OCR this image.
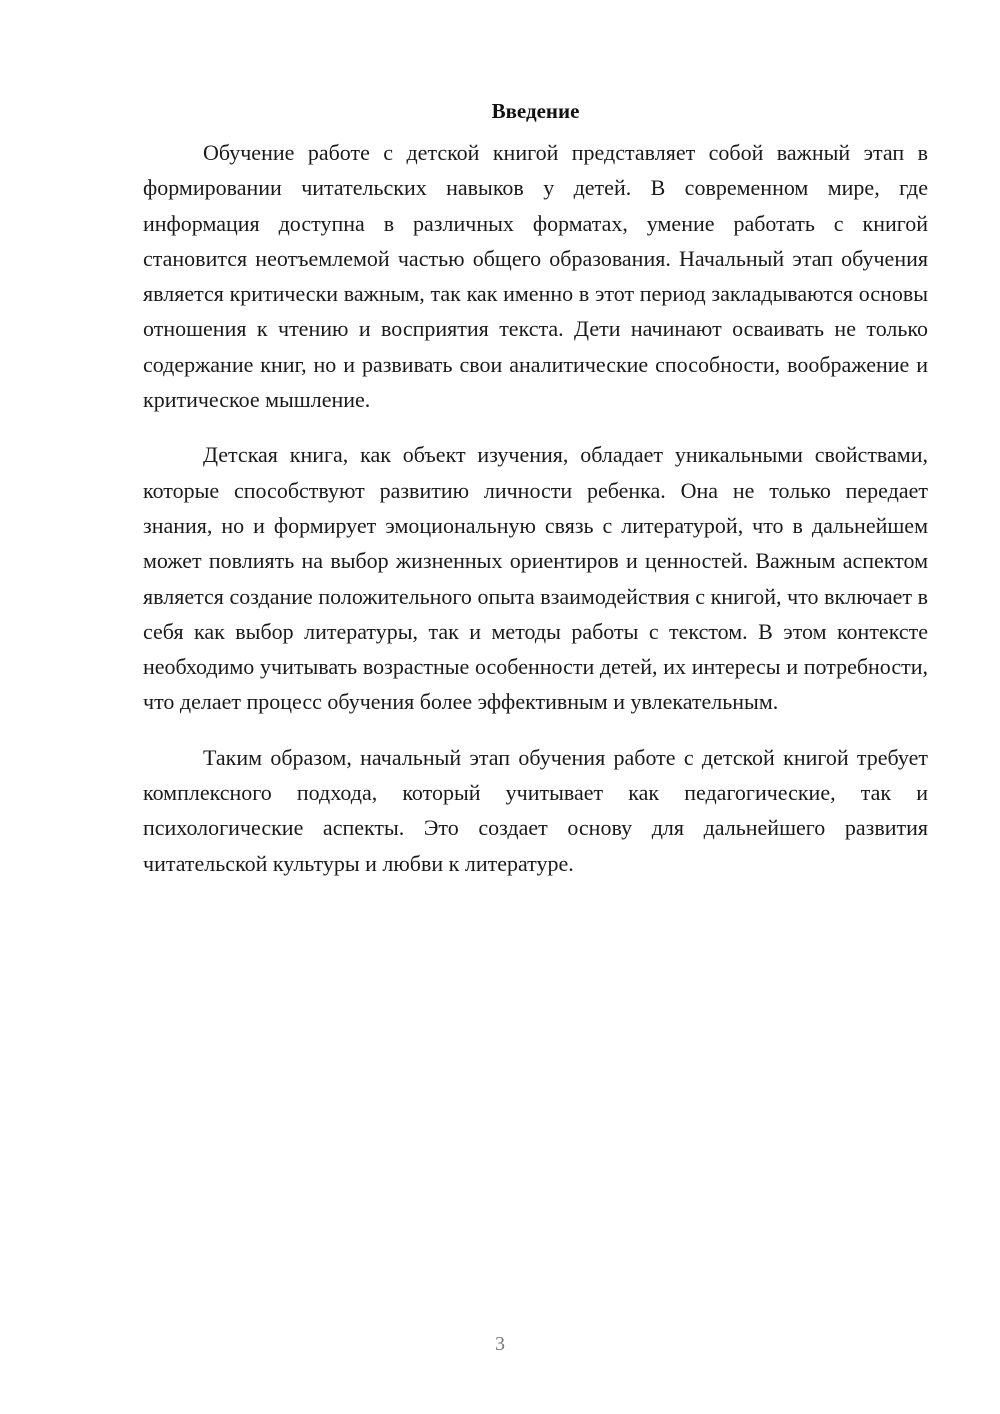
Введение

Обучение работе с детской книгой представляет собой важный этап в формировании читательских навыков у детей. В современном мире, где информация доступна в различных форматах, умение работать с книгой становится неотъемлемой частью общего образования. Начальный этап обучения является критически важным, так как именно в этот период закладываются основы отношения к чтению и восприятия текста. Дети начинают осваивать не только содержание книг, но и развивать свои аналитические способности, воображение и критическое мышление.

Детская книга, как объект изучения, обладает уникальными свойствами, которые способствуют развитию личности ребенка. Она не только передает знания, но и формирует эмоциональную связь с литературой, что в дальнейшем может повлиять на выбор жизненных ориентиров и ценностей. Важным аспектом является создание положительного опыта взаимодействия с книгой, что включает в себя как выбор литературы, так и методы работы с текстом. В этом контексте необходимо учитывать возрастные особенности детей, их интересы и потребности, что делает процесс обучения более эффективным и увлекательным.

Таким образом, начальный этап обучения работе с детской книгой требует комплексного подхода, который учитывает как педагогические, так и психологические аспекты. Это создает основу для дальнейшего развития читательской культуры и любви к литературе.

3
